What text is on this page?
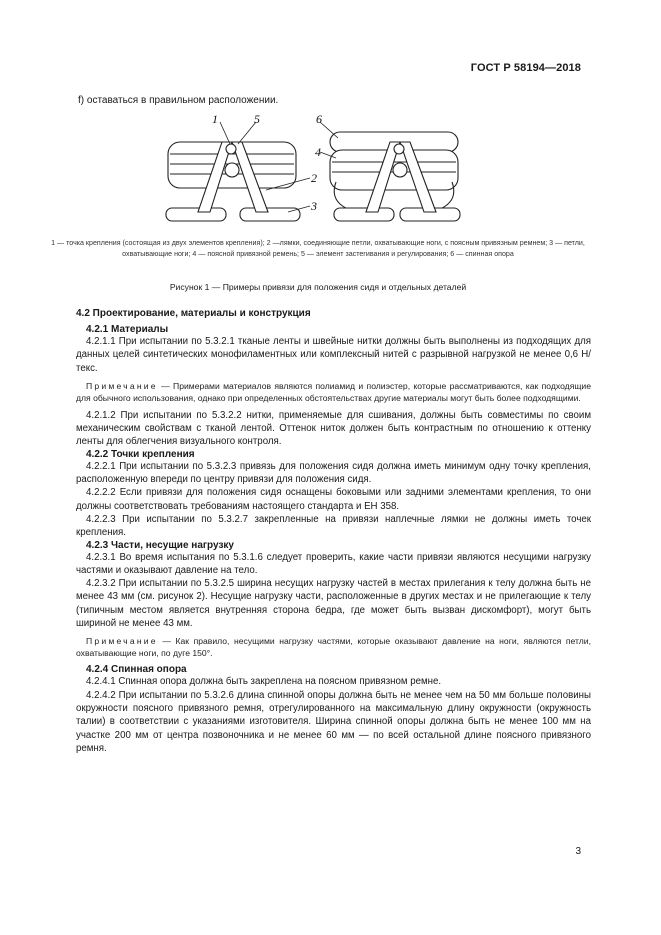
ГОСТ Р 58194—2018
f) оставаться в правильном расположении.
1	5	6
4
2
3
1 — точка крепления (состоящая из двух элементов крепления); 2 —лямки, соединяющие петли, охватывающие ноги, с поясным привязным ремнем; 3 — петли, охватывающие ноги; 4 — поясной привязной ремень; 5 — элемент застегивания и регулирования; 6 — спинная опора
Рисунок 1 — Примеры привязи для положения сидя и отдельных деталей
4.2 Проектирование, материалы и конструкция
4.2.1 Материалы

4.2.1.1 При испытании по 5.3.2.1 тканые ленты и швейные нитки должны быть выполнены из подходящих для данных целей синтетических монофиламентных или комплексный нитей с разрывной нагрузкой не менее 0,6 Н/текс.

Примечание — Примерами материалов являются полиамид и полиэстер, которые рассматриваются, как подходящие для обычного использования, однако при определенных обстоятельствах другие материалы могут быть более подходящими.

4.2.1.2 При испытании по 5.3.2.2 нитки, применяемые для сшивания, должны быть совместимы по своим механическим свойствам с тканой лентой. Оттенок ниток должен быть контрастным по отношению к оттенку ленты для облегчения визуального контроля.

4.2.2 Точки крепления

4.2.2.1 При испытании по 5.3.2.3 привязь для положения сидя должна иметь минимум одну точку крепления, расположенную впереди по центру привязи для положения сидя.

4.2.2.2 Если привязи для положения сидя оснащены боковыми или задними элементами крепления, то они должны соответствовать требованиям настоящего стандарта и ЕН 358.

4.2.2.3 При испытании по 5.3.2.7 закрепленные на привязи наплечные лямки не должны иметь точек крепления.

4.2.3 Части, несущие нагрузку

4.2.3.1 Во время испытания по 5.3.1.6 следует проверить, какие части привязи являются несущими нагрузку частями и оказывают давление на тело.

4.2.3.2 При испытании по 5.3.2.5 ширина несущих нагрузку частей в местах прилегания к телу должна быть не менее 43 мм (см. рисунок 2). Несущие нагрузку части, расположенные в других местах и не прилегающие к телу (типичным местом является внутренняя сторона бедра, где может быть вызван дискомфорт), могут быть шириной не менее 43 мм.

Примечание — Как правило, несущими нагрузку частями, которые оказывают давление на ноги, являются петли, охватывающие ноги, по дуге 150°.

4.2.4 Спинная опора

4.2.4.1 Спинная опора должна быть закреплена на поясном привязном ремне.

4.2.4.2 При испытании по 5.3.2.6 длина спинной опоры должна быть не менее чем на 50 мм больше половины окружности поясного привязного ремня, отрегулированного на максимальную длину окружности (окружность талии) в соответствии с указаниями изготовителя. Ширина спинной опоры должна быть не менее 100 мм на участке 200 мм от центра позвоночника и не менее 60 мм — по всей остальной длине поясного привязного ремня.

3
